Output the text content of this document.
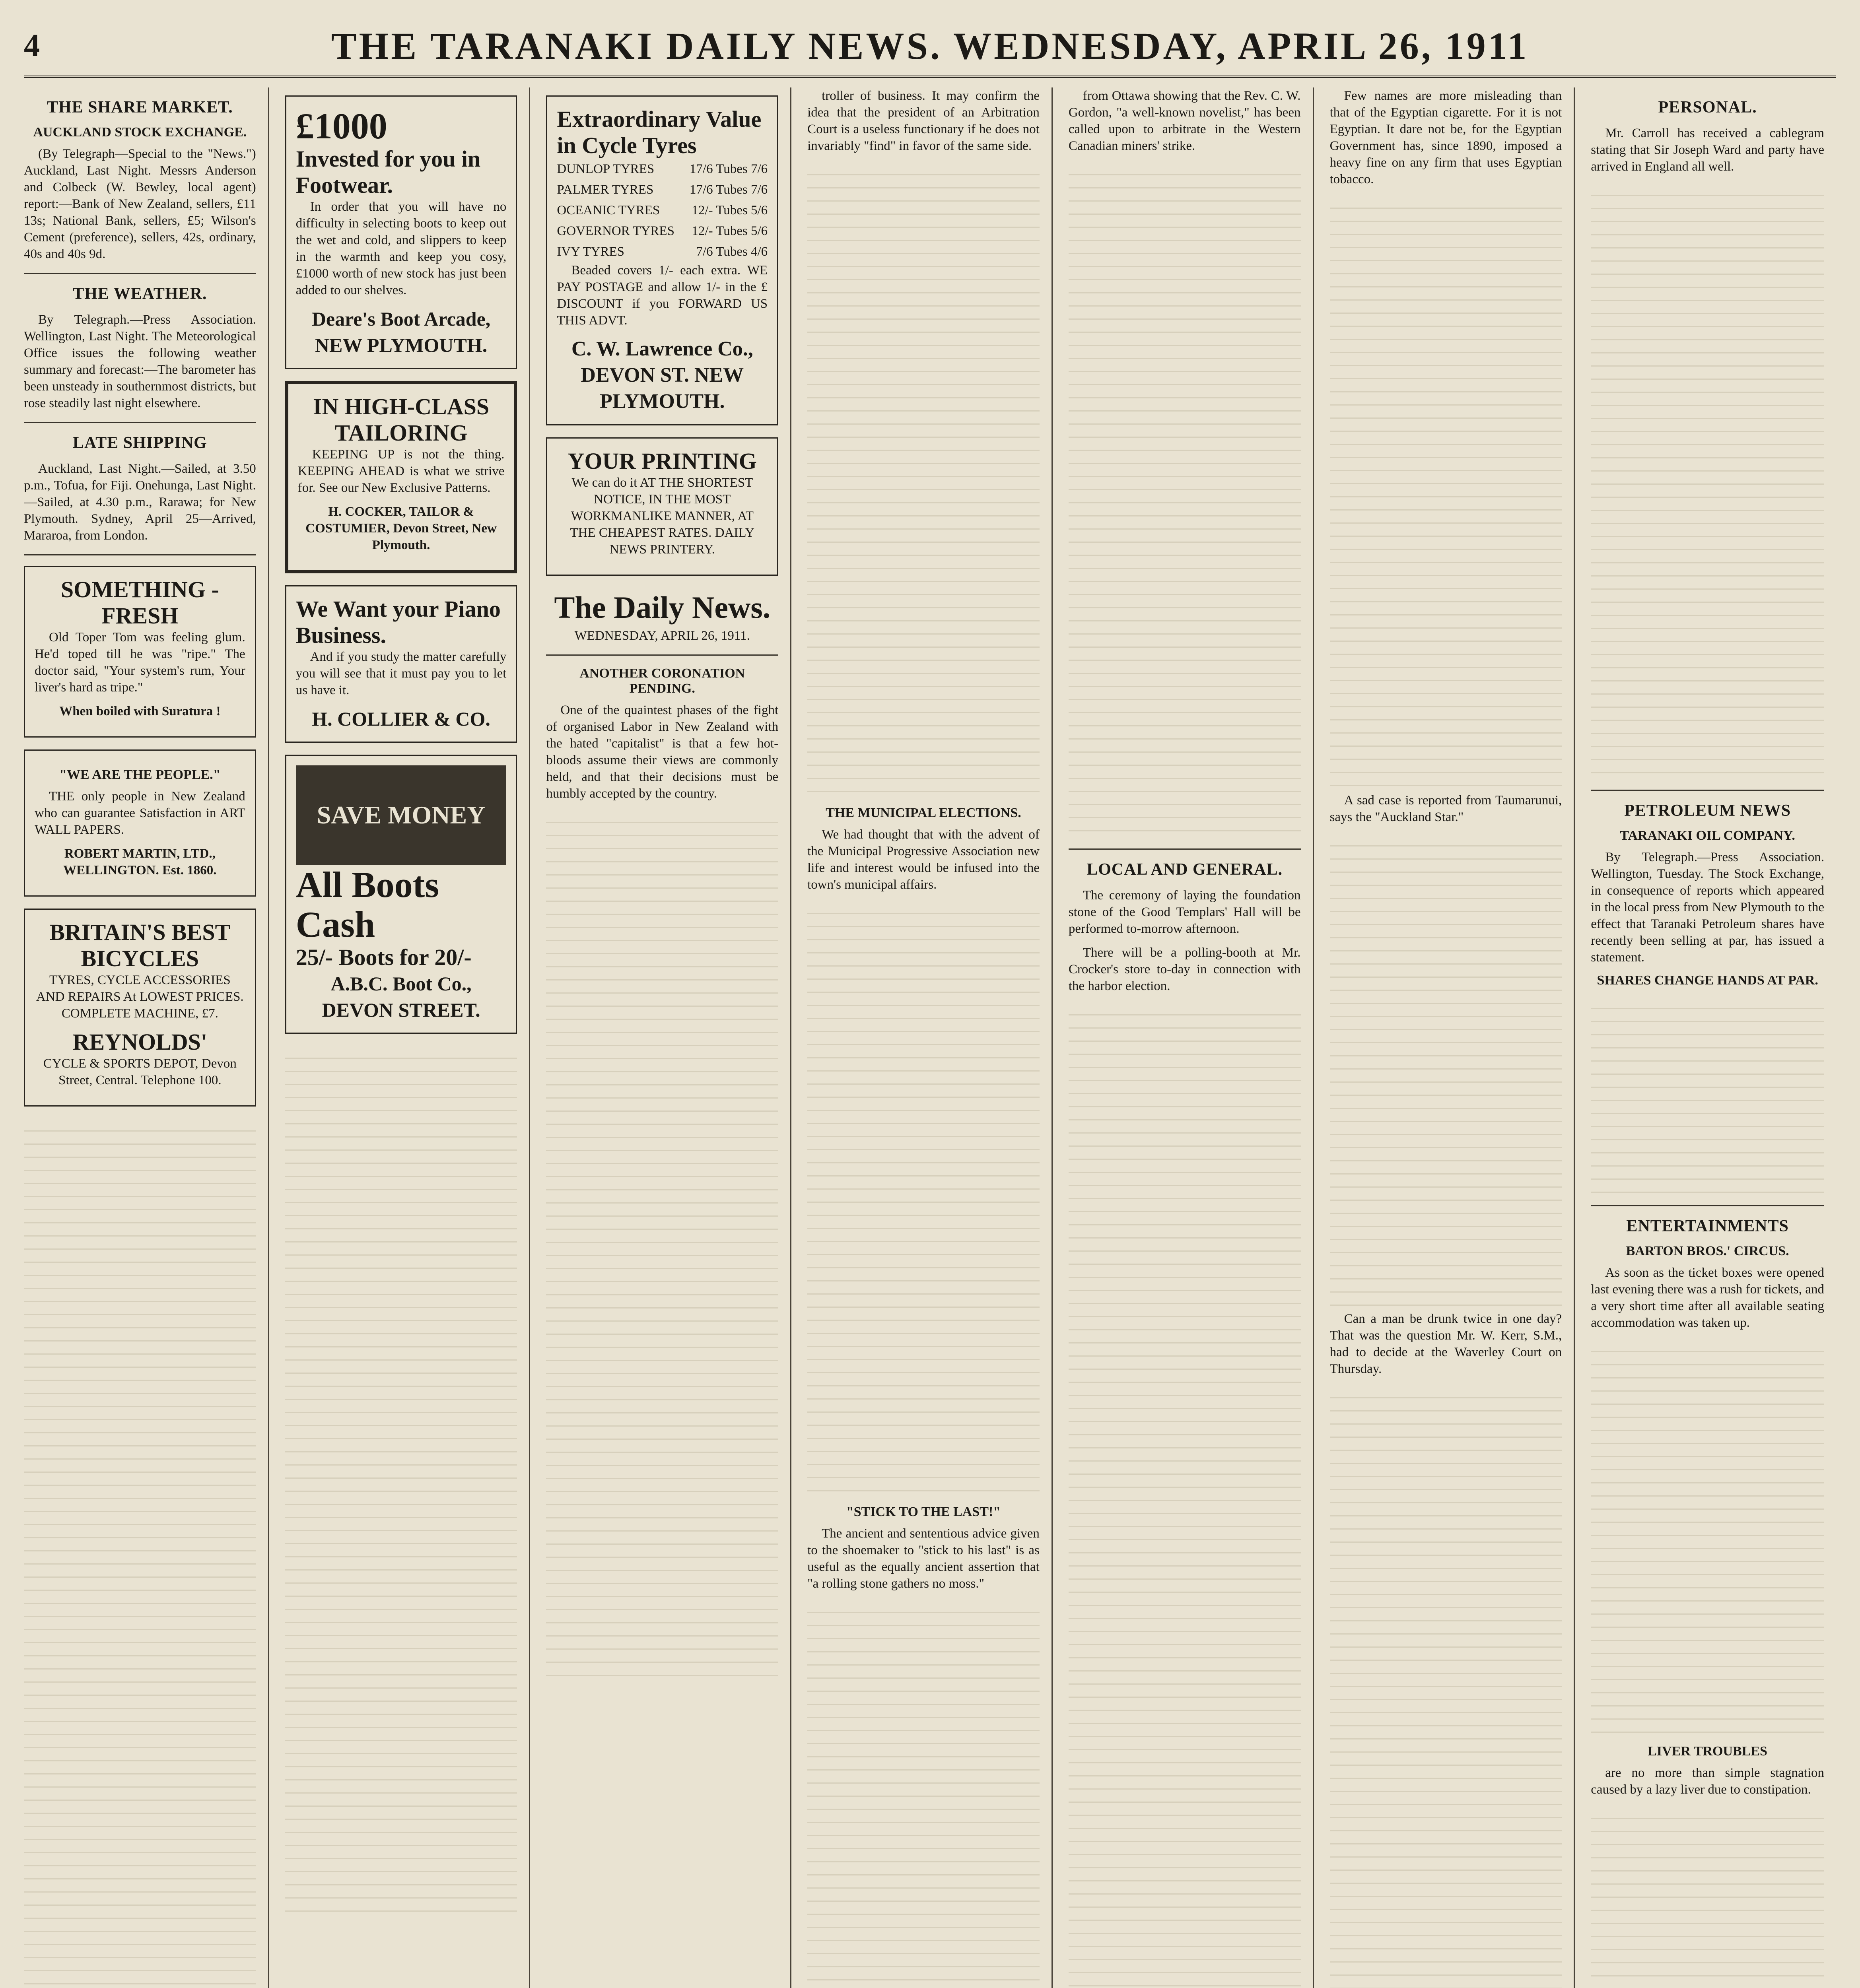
4	THE TARANAKI DAILY NEWS. WEDNESDAY, APRIL 26, 1911
THE SHARE MARKET.
AUCKLAND STOCK EXCHANGE.

(By Telegraph—Special to the "News.") Auckland, Last Night. Messrs Anderson and Colbeck (W. Bewley, local agent) report:—Bank of New Zealand, sellers, £11 13s; National Bank, sellers, £5; Wilson's Cement (preference), sellers, 42s, ordinary, 40s and 40s 9d.

THE WEATHER.

By Telegraph.—Press Association. Wellington, Last Night. The Meteorological Office issues the following weather summary and forecast:—The barometer has been unsteady in southernmost districts, but rose steadily last night elsewhere.

LATE SHIPPING

Auckland, Last Night.—Sailed, at 3.50 p.m., Tofua, for Fiji. Onehunga, Last Night.—Sailed, at 4.30 p.m., Rarawa; for New Plymouth. Sydney, April 25—Arrived, Mararoa, from London.

SOMETHING - FRESH

Old Toper Tom was feeling glum. He'd toped till he was "ripe." The doctor said, "Your system's rum, Your liver's hard as tripe."

When boiled with Suratura !

"WE ARE THE PEOPLE."

THE only people in New Zealand who can guarantee Satisfaction in ART WALL PAPERS.

ROBERT MARTIN, LTD., WELLINGTON. Est. 1860.

BRITAIN'S BEST BICYCLES

TYRES, CYCLE ACCESSORIES AND REPAIRS At LOWEST PRICES. COMPLETE MACHINE, £7.

REYNOLDS'

CYCLE & SPORTS DEPOT, Devon Street, Central. Telephone 100.

£1000
Invested for you in Footwear.

In order that you will have no difficulty in selecting boots to keep out the wet and cold, and slippers to keep in the warmth and keep you cosy, £1000 worth of new stock has just been added to our shelves.

Deare's Boot Arcade, NEW PLYMOUTH.
IN HIGH-CLASS TAILORING

KEEPING UP is not the thing. KEEPING AHEAD is what we strive for. See our New Exclusive Patterns.

H. COCKER, TAILOR & COSTUMIER, Devon Street, New Plymouth.

We Want your Piano Business.

And if you study the matter carefully you will see that it must pay you to let us have it.

H. COLLIER & CO.
SAVE MONEY
All Boots Cash
25/- Boots for 20/-
A.B.C. Boot Co., DEVON STREET.
Extraordinary Value in Cycle Tyres
DUNLOP TYRES	17/6 Tubes 7/6
PALMER TYRES	17/6 Tubes 7/6
OCEANIC TYRES 12/- Tubes 5/6
GOVERNOR TYRES 12/- Tubes 5/6
IVY TYRES	7/6 Tubes 4/6

Beaded covers 1/- each extra. WE PAY POSTAGE and allow 1/- in the £ DISCOUNT if you FORWARD US THIS ADVT.

C. W. Lawrence Co., DEVON ST. NEW PLYMOUTH.
YOUR PRINTING

We can do it AT THE SHORTEST NOTICE, IN THE MOST WORKMANLIKE MANNER, AT THE CHEAPEST RATES. DAILY NEWS PRINTERY.

The Daily News.

WEDNESDAY, APRIL 26, 1911.

ANOTHER CORONATION PENDING.

One of the quaintest phases of the fight of organised Labor in New Zealand with the hated "capitalist" is that a few hot-bloods assume their views are commonly held, and that their decisions must be humbly accepted by the country.

troller of business. It may confirm the idea that the president of an Arbitration Court is a useless functionary if he does not invariably "find" in favor of the same side.

THE MUNICIPAL ELECTIONS.

We had thought that with the advent of the Municipal Progressive Association new life and interest would be infused into the town's municipal affairs.

"STICK TO THE LAST!"

The ancient and sententious advice given to the shoemaker to "stick to his last" is as useful as the equally ancient assertion that "a rolling stone gathers no moss."

from Ottawa showing that the Rev. C. W. Gordon, "a well-known novelist," has been called upon to arbitrate in the Western Canadian miners' strike.

LOCAL AND GENERAL.

The ceremony of laying the foundation stone of the Good Templars' Hall will be performed to-morrow afternoon.

There will be a polling-booth at Mr. Crocker's store to-day in connection with the harbor election.

Few names are more misleading than that of the Egyptian cigarette. For it is not Egyptian. It dare not be, for the Egyptian Government has, since 1890, imposed a heavy fine on any firm that uses Egyptian tobacco.

A sad case is reported from Taumarunui, says the "Auckland Star."

Can a man be drunk twice in one day? That was the question Mr. W. Kerr, S.M., had to decide at the Waverley Court on Thursday.

PERSONAL.

Mr. Carroll has received a cablegram stating that Sir Joseph Ward and party have arrived in England all well.

PETROLEUM NEWS
TARANAKI OIL COMPANY.

By Telegraph.—Press Association. Wellington, Tuesday. The Stock Exchange, in consequence of reports which appeared in the local press from New Plymouth to the effect that Taranaki Petroleum shares have recently been selling at par, has issued a statement.

SHARES CHANGE HANDS AT PAR.
ENTERTAINMENTS
BARTON BROS.' CIRCUS.

As soon as the ticket boxes were opened last evening there was a rush for tickets, and a very short time after all available seating accommodation was taken up.

LIVER TROUBLES

are no more than simple stagnation caused by a lazy liver due to constipation.
